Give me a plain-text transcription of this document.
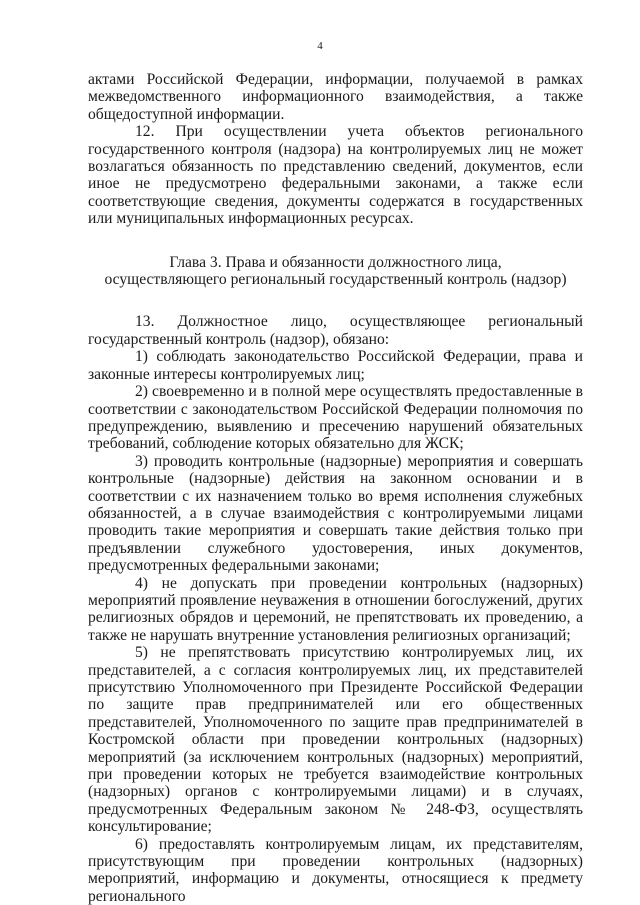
4

актами Российской Федерации, информации, получаемой в рамках межведомственного информационного взаимодействия, а также общедоступной информации.

12. При осуществлении учета объектов регионального государственного контроля (надзора) на контролируемых лиц не может возлагаться обязанность по представлению сведений, документов, если иное не предусмотрено федеральными законами, а также если соответствующие сведения, документы содержатся в государственных или муниципальных информационных ресурсах.

Глава 3. Права и обязанности должностного лица,
осуществляющего региональный государственный контроль (надзор)

13. Должностное лицо, осуществляющее региональный государственный контроль (надзор), обязано:

1) соблюдать законодательство Российской Федерации, права и законные интересы контролируемых лиц;

2) своевременно и в полной мере осуществлять предоставленные в соответствии с законодательством Российской Федерации полномочия по предупреждению, выявлению и пресечению нарушений обязательных требований, соблюдение которых обязательно для ЖСК;

3) проводить контрольные (надзорные) мероприятия и совершать контрольные (надзорные) действия на законном основании и в соответствии с их назначением только во время исполнения служебных обязанностей, а в случае взаимодействия с контролируемыми лицами проводить такие мероприятия и совершать такие действия только при предъявлении служебного удостоверения, иных документов, предусмотренных федеральными законами;

4) не допускать при проведении контрольных (надзорных) мероприятий проявление неуважения в отношении богослужений, других религиозных обрядов и церемоний, не препятствовать их проведению, а также не нарушать внутренние установления религиозных организаций;

5) не препятствовать присутствию контролируемых лиц, их представителей, а с согласия контролируемых лиц, их представителей присутствию Уполномоченного при Президенте Российской Федерации по защите прав предпринимателей или его общественных представителей, Уполномоченного по защите прав предпринимателей в Костромской области при проведении контрольных (надзорных) мероприятий (за исключением контрольных (надзорных) мероприятий, при проведении которых не требуется взаимодействие контрольных (надзорных) органов с контролируемыми лицами) и в случаях, предусмотренных Федеральным законом № 248-ФЗ, осуществлять консультирование;

6) предоставлять контролируемым лицам, их представителям, присутствующим при проведении контрольных (надзорных) мероприятий, информацию и документы, относящиеся к предмету регионального
